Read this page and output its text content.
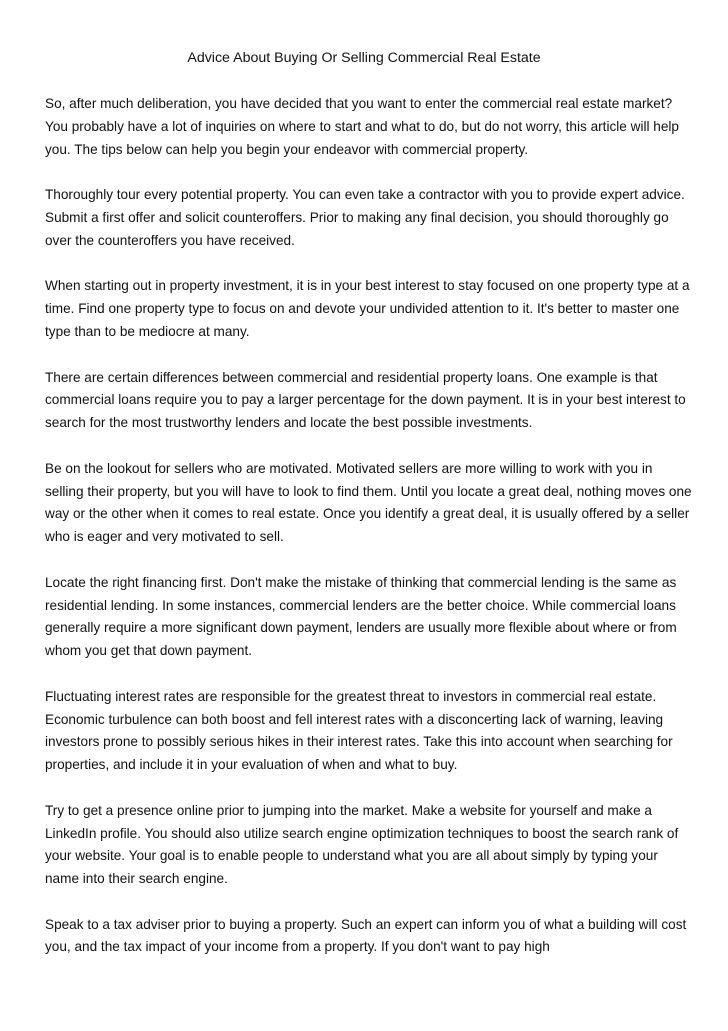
Advice About Buying Or Selling Commercial Real Estate

So, after much deliberation, you have decided that you want to enter the commercial real estate market? You probably have a lot of inquiries on where to start and what to do, but do not worry, this article will help you. The tips below can help you begin your endeavor with commercial property.

Thoroughly tour every potential property. You can even take a contractor with you to provide expert advice. Submit a first offer and solicit counteroffers. Prior to making any final decision, you should thoroughly go over the counteroffers you have received.

When starting out in property investment, it is in your best interest to stay focused on one property type at a time. Find one property type to focus on and devote your undivided attention to it. It's better to master one type than to be mediocre at many.

There are certain differences between commercial and residential property loans. One example is that commercial loans require you to pay a larger percentage for the down payment. It is in your best interest to search for the most trustworthy lenders and locate the best possible investments.

Be on the lookout for sellers who are motivated. Motivated sellers are more willing to work with you in selling their property, but you will have to look to find them. Until you locate a great deal, nothing moves one way or the other when it comes to real estate. Once you identify a great deal, it is usually offered by a seller who is eager and very motivated to sell.

Locate the right financing first. Don't make the mistake of thinking that commercial lending is the same as residential lending. In some instances, commercial lenders are the better choice. While commercial loans generally require a more significant down payment, lenders are usually more flexible about where or from whom you get that down payment.

Fluctuating interest rates are responsible for the greatest threat to investors in commercial real estate. Economic turbulence can both boost and fell interest rates with a disconcerting lack of warning, leaving investors prone to possibly serious hikes in their interest rates. Take this into account when searching for properties, and include it in your evaluation of when and what to buy.

Try to get a presence online prior to jumping into the market. Make a website for yourself and make a LinkedIn profile. You should also utilize search engine optimization techniques to boost the search rank of your website. Your goal is to enable people to understand what you are all about simply by typing your name into their search engine.

Speak to a tax adviser prior to buying a property. Such an expert can inform you of what a building will cost you, and the tax impact of your income from a property. If you don't want to pay high
